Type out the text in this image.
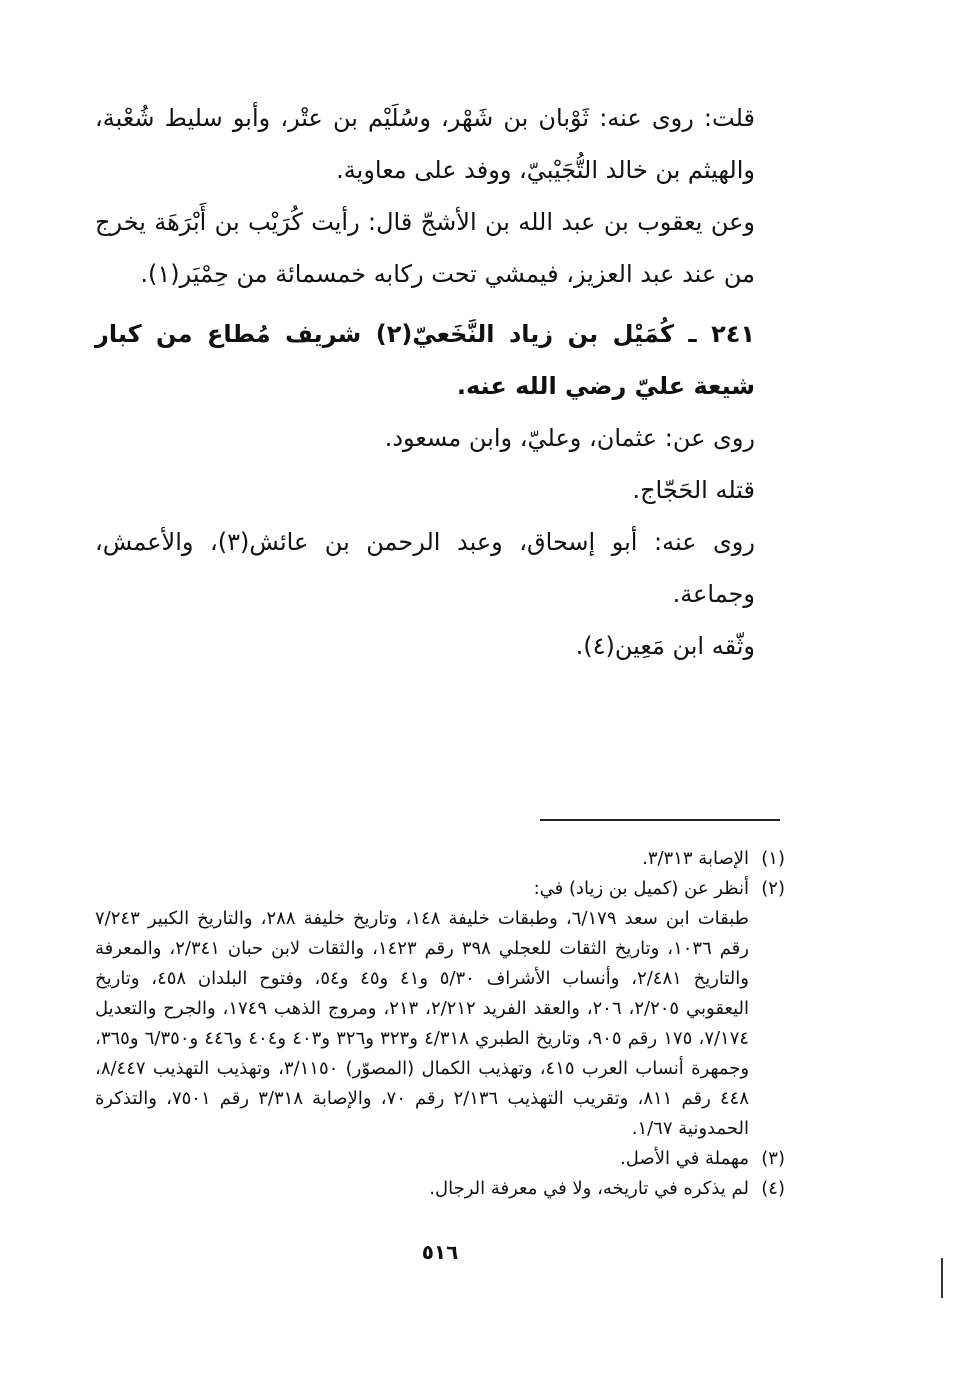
قلت: روى عنه: ثَوْبان بن شَهْر، وسُلَيْم بن عتْر، وأبو سليط شُعْبة، والهيثم بن خالد التُّجَيْبيّ، ووفد على معاوية.

وعن يعقوب بن عبد الله بن الأشجّ قال: رأيت كُرَيْب بن أَبْرَهَة يخرج من عند عبد العزيز، فيمشي تحت ركابه خمسمائة من حِمْيَر(١).

٢٤١ ـ كُمَيْل بن زياد النَّخَعيّ(٢) شريف مُطاع من كبار شيعة عليّ رضي الله عنه.

روى عن: عثمان، وعليّ، وابن مسعود.

قتله الحَجّاج.

روى عنه: أبو إسحاق، وعبد الرحمن بن عائش(٣)، والأعمش، وجماعة.

وثّقه ابن مَعِين(٤).

(١)الإصابة ٣/٣١٣.

(٢)أنظر عن (كميل بن زياد) في:

طبقات ابن سعد ٦/١٧٩، وطبقات خليفة ١٤٨، وتاريخ خليفة ٢٨٨، والتاريخ الكبير ٧/٢٤٣ رقم ١٠٣٦، وتاريخ الثقات للعجلي ٣٩٨ رقم ١٤٢٣، والثقات لابن حبان ٢/٣٤١، والمعرفة والتاريخ ٢/٤٨١، وأنساب الأشراف ٥/٣٠ و٤١ و٤٥ و٥٤، وفتوح البلدان ٤٥٨، وتاريخ اليعقوبي ٢/٢٠٥، ٢٠٦، والعقد الفريد ٢/٢١٢، ٢١٣، ومروج الذهب ١٧٤٩، والجرح والتعديل ٧/١٧٤، ١٧٥ رقم ٩٠٥، وتاريخ الطبري ٤/٣١٨ و٣٢٣ و٣٢٦ و٤٠٣ و٤٠٤ و٤٤٦ و٦/٣٥٠ و٣٦٥، وجمهرة أنساب العرب ٤١٥، وتهذيب الكمال (المصوّر) ٣/١١٥٠، وتهذيب التهذيب ٨/٤٤٧، ٤٤٨ رقم ٨١١، وتقريب التهذيب ٢/١٣٦ رقم ٧٠، والإصابة ٣/٣١٨ رقم ٧٥٠١، والتذكرة الحمدونية ١/٦٧.

(٣)مهملة في الأصل.

(٤)لم يذكره في تاريخه، ولا في معرفة الرجال.

٥١٦
